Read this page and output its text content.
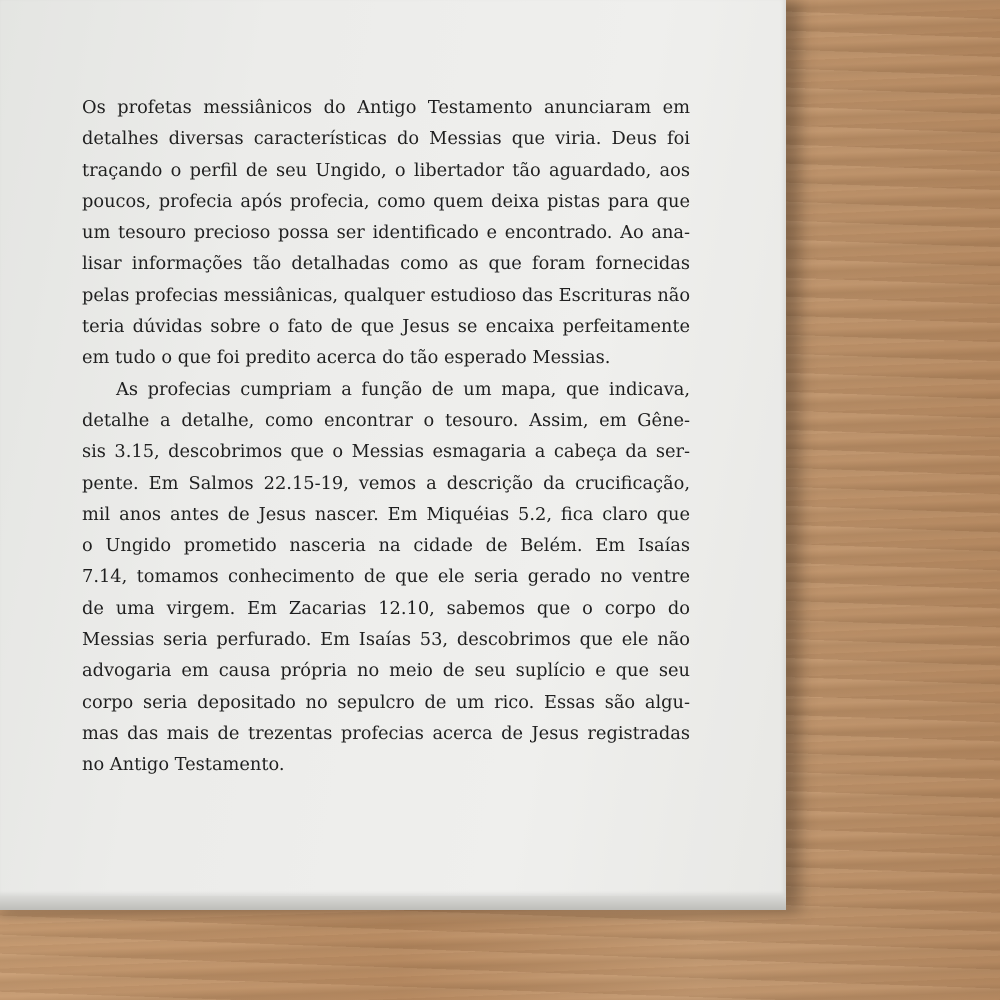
Os profetas messiânicos do Antigo Testamento anunciaram em
detalhes diversas características do Messias que viria. Deus foi
traçando o perfil de seu Ungido, o libertador tão aguardado, aos
poucos, profecia após profecia, como quem deixa pistas para que
um tesouro precioso possa ser identificado e encontrado. Ao ana-
lisar informações tão detalhadas como as que foram fornecidas
pelas profecias messiânicas, qualquer estudioso das Escrituras não
teria dúvidas sobre o fato de que Jesus se encaixa perfeitamente
em tudo o que foi predito acerca do tão esperado Messias.

As profecias cumpriam a função de um mapa, que indicava,
detalhe a detalhe, como encontrar o tesouro. Assim, em Gêne-
sis 3.15, descobrimos que o Messias esmagaria a cabeça da ser-
pente. Em Salmos 22.15-19, vemos a descrição da crucificação,
mil anos antes de Jesus nascer. Em Miquéias 5.2, fica claro que
o Ungido prometido nasceria na cidade de Belém. Em Isaías
7.14, tomamos conhecimento de que ele seria gerado no ventre
de uma virgem. Em Zacarias 12.10, sabemos que o corpo do
Messias seria perfurado. Em Isaías 53, descobrimos que ele não
advogaria em causa própria no meio de seu suplício e que seu
corpo seria depositado no sepulcro de um rico. Essas são algu-
mas das mais de trezentas profecias acerca de Jesus registradas
no Antigo Testamento.
